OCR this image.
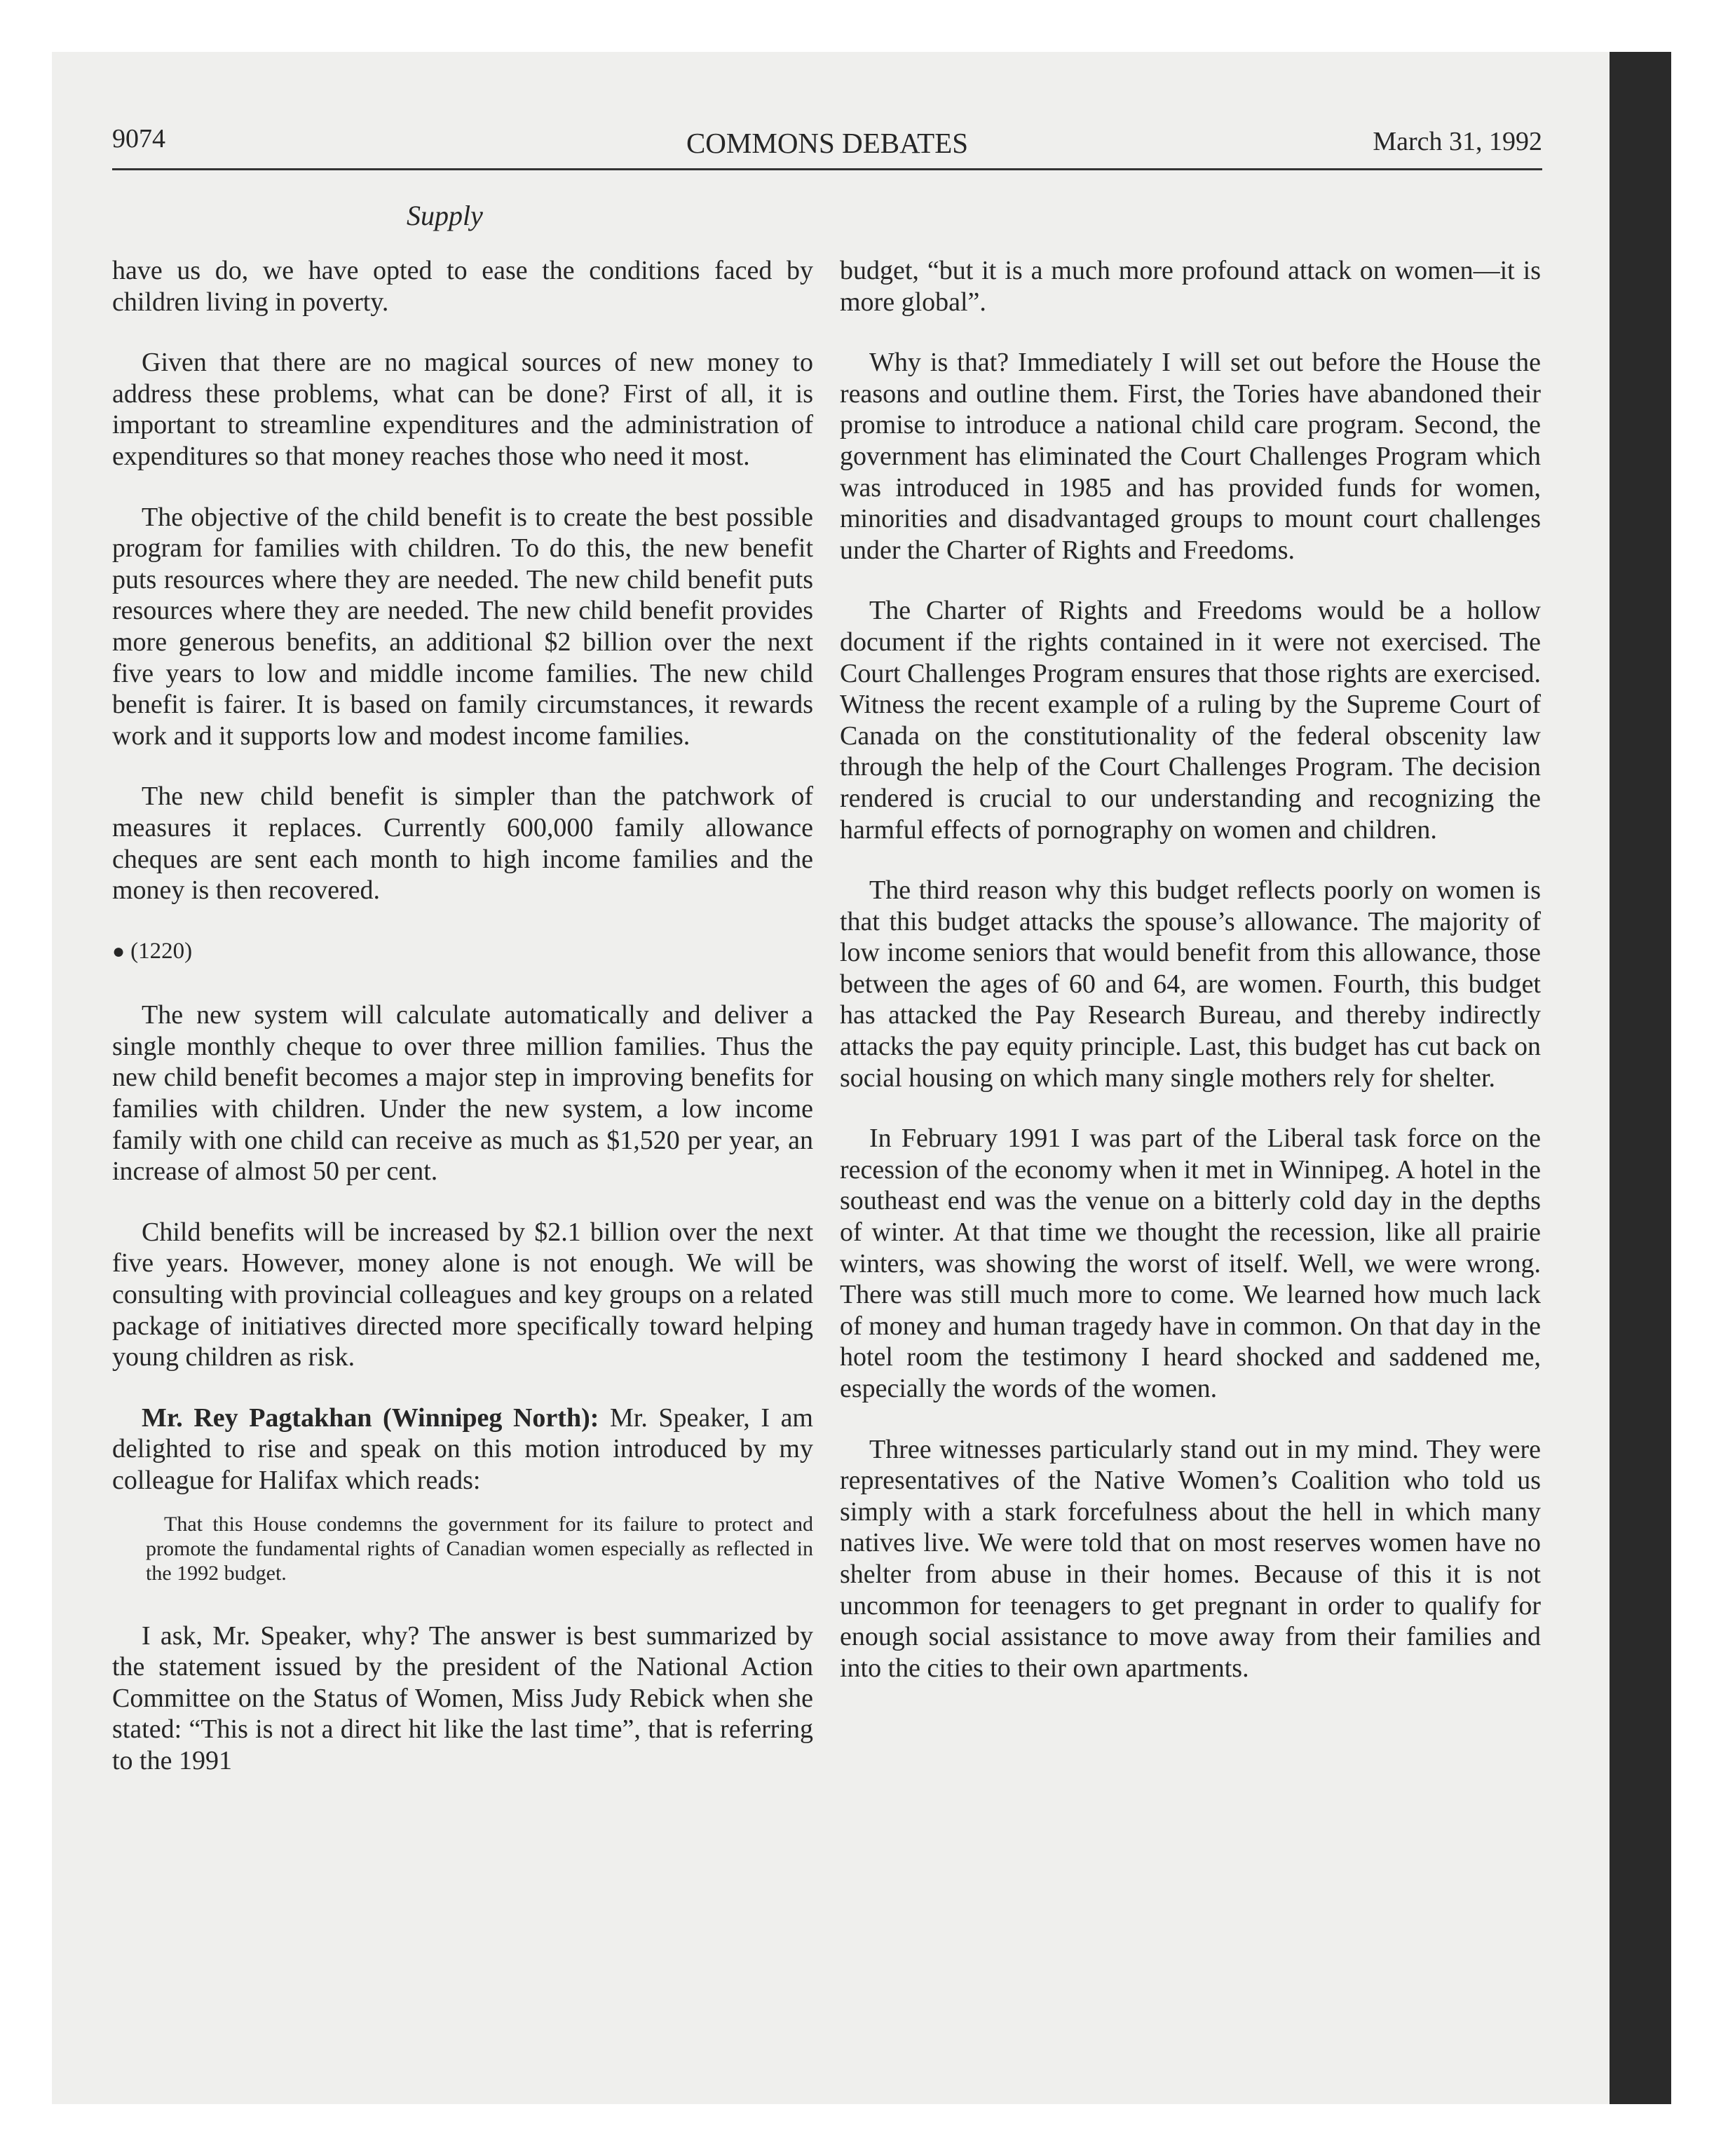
9074	COMMONS DEBATES	March 31, 1992
Supply

have us do, we have opted to ease the conditions faced by children living in poverty.

Given that there are no magical sources of new money to address these problems, what can be done? First of all, it is important to streamline expenditures and the administration of expenditures so that money reaches those who need it most.

The objective of the child benefit is to create the best possible program for families with children. To do this, the new benefit puts resources where they are needed. The new child benefit puts resources where they are needed. The new child benefit provides more generous benefits, an additional $2 billion over the next five years to low and middle income families. The new child benefit is fairer. It is based on family circumstances, it rewards work and it supports low and modest income families.

The new child benefit is simpler than the patchwork of measures it replaces. Currently 600,000 family allowance cheques are sent each month to high income families and the money is then recovered.

● (1220)

The new system will calculate automatically and deliver a single monthly cheque to over three million families. Thus the new child benefit becomes a major step in improving benefits for families with children. Under the new system, a low income family with one child can receive as much as $1,520 per year, an increase of almost 50 per cent.

Child benefits will be increased by $2.1 billion over the next five years. However, money alone is not enough. We will be consulting with provincial colleagues and key groups on a related package of initiatives directed more specifically toward helping young children as risk.

Mr. Rey Pagtakhan (Winnipeg North): Mr. Speaker, I am delighted to rise and speak on this motion introduced by my colleague for Halifax which reads:

That this House condemns the government for its failure to protect and promote the fundamental rights of Canadian women especially as reflected in the 1992 budget.

I ask, Mr. Speaker, why? The answer is best summarized by the statement issued by the president of the National Action Committee on the Status of Women, Miss Judy Rebick when she stated: “This is not a direct hit like the last time”, that is referring to the 1991

budget, “but it is a much more profound attack on women—it is more global”.

Why is that? Immediately I will set out before the House the reasons and outline them. First, the Tories have abandoned their promise to introduce a national child care program. Second, the government has eliminated the Court Challenges Program which was introduced in 1985 and has provided funds for women, minorities and disadvantaged groups to mount court challenges under the Charter of Rights and Freedoms.

The Charter of Rights and Freedoms would be a hollow document if the rights contained in it were not exercised. The Court Challenges Program ensures that those rights are exercised. Witness the recent example of a ruling by the Supreme Court of Canada on the constitutionality of the federal obscenity law through the help of the Court Challenges Program. The decision rendered is crucial to our understanding and recognizing the harmful effects of pornography on women and children.

The third reason why this budget reflects poorly on women is that this budget attacks the spouse’s allowance. The majority of low income seniors that would benefit from this allowance, those between the ages of 60 and 64, are women. Fourth, this budget has attacked the Pay Research Bureau, and thereby indirectly attacks the pay equity principle. Last, this budget has cut back on social housing on which many single mothers rely for shelter.

In February 1991 I was part of the Liberal task force on the recession of the economy when it met in Winnipeg. A hotel in the southeast end was the venue on a bitterly cold day in the depths of winter. At that time we thought the recession, like all prairie winters, was showing the worst of itself. Well, we were wrong. There was still much more to come. We learned how much lack of money and human tragedy have in common. On that day in the hotel room the testimony I heard shocked and saddened me, especially the words of the women.

Three witnesses particularly stand out in my mind. They were representatives of the Native Women’s Coalition who told us simply with a stark forcefulness about the hell in which many natives live. We were told that on most reserves women have no shelter from abuse in their homes. Because of this it is not uncommon for teenagers to get pregnant in order to qualify for enough social assistance to move away from their families and into the cities to their own apartments.
